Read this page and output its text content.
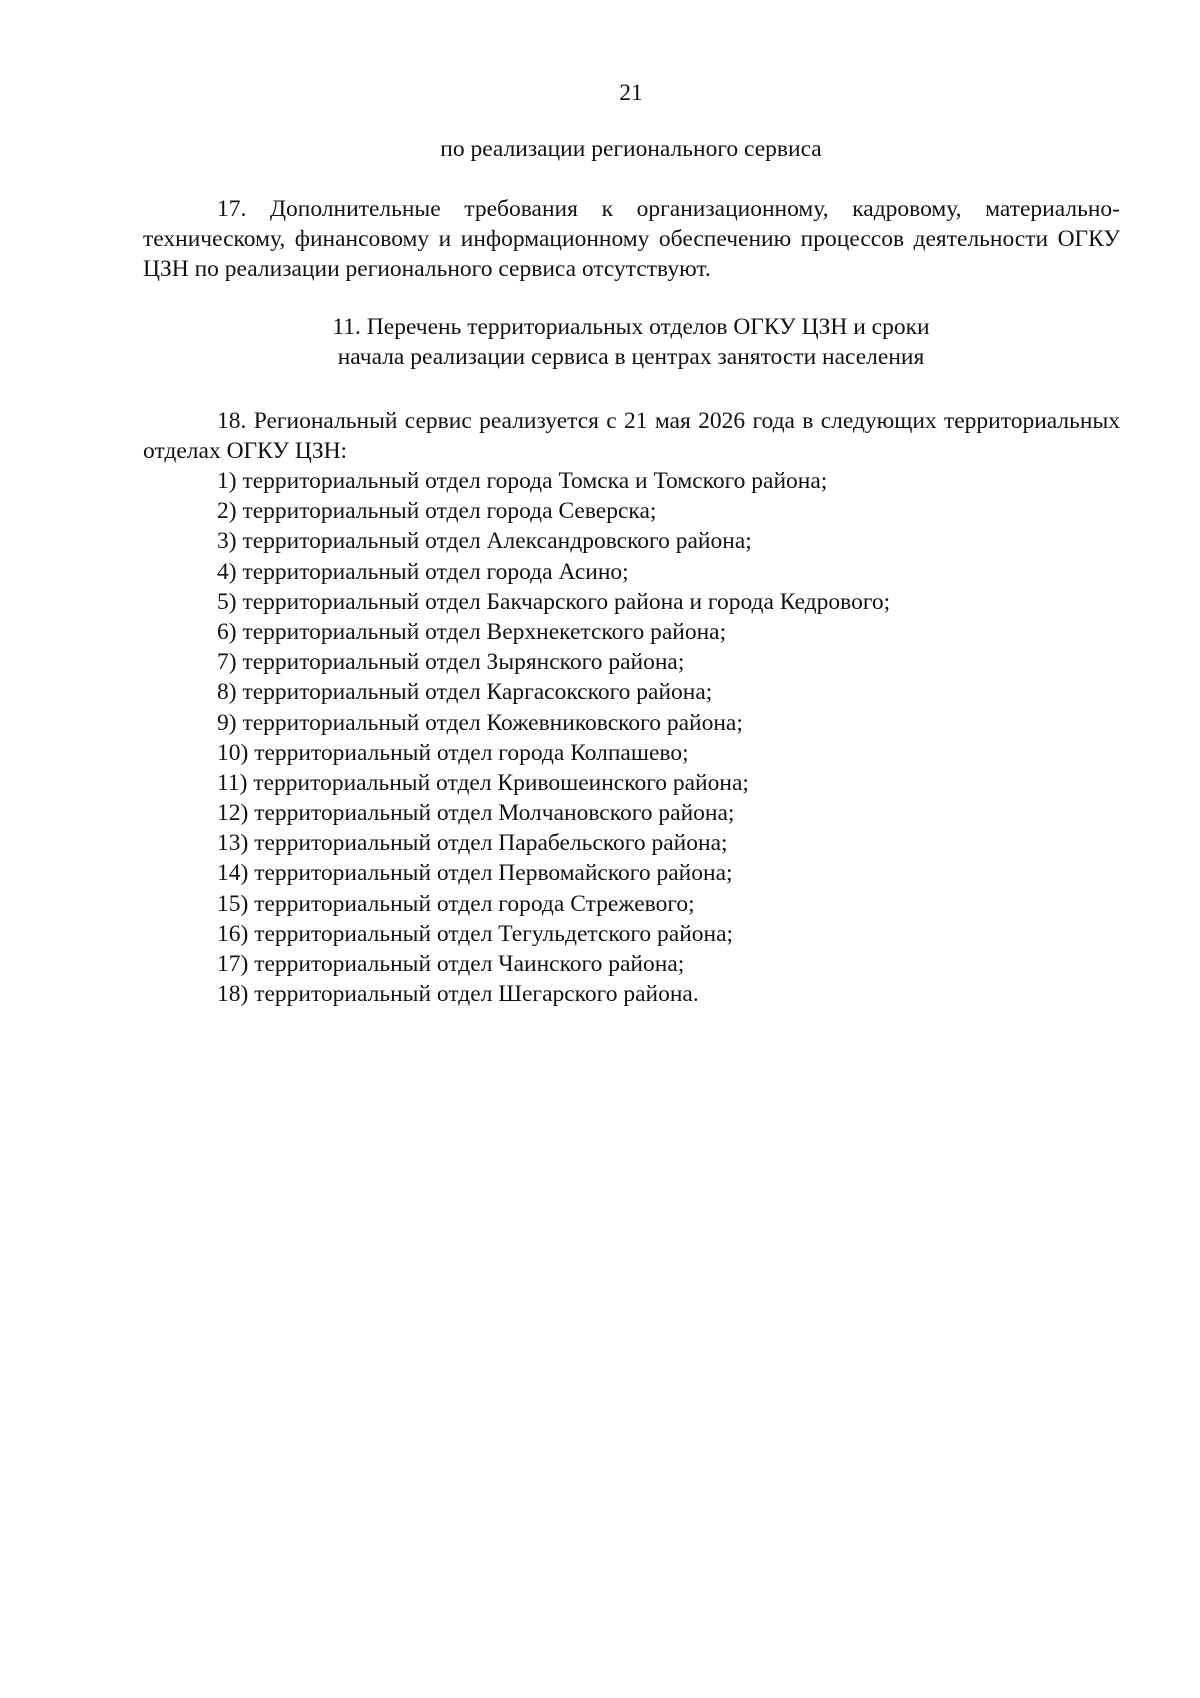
21

по реализации регионального сервиса

17. Дополнительные требования к организационному, кадровому, материально-техническому, финансовому и информационному обеспечению процессов деятельности ОГКУ ЦЗН по реализации регионального сервиса отсутствуют.

11. Перечень территориальных отделов ОГКУ ЦЗН и сроки
начала реализации сервиса в центрах занятости населения

18. Региональный сервис реализуется с 21 мая 2026 года в следующих территориальных отделах ОГКУ ЦЗН:

1) территориальный отдел города Томска и Томского района;
2) территориальный отдел города Северска;
3) территориальный отдел Александровского района;
4) территориальный отдел города Асино;
5) территориальный отдел Бакчарского района и города Кедрового;
6) территориальный отдел Верхнекетского района;
7) территориальный отдел Зырянского района;
8) территориальный отдел Каргасокского района;
9) территориальный отдел Кожевниковского района;
10) территориальный отдел города Колпашево;
11) территориальный отдел Кривошеинского района;
12) территориальный отдел Молчановского района;
13) территориальный отдел Парабельского района;
14) территориальный отдел Первомайского района;
15) территориальный отдел города Стрежевого;
16) территориальный отдел Тегульдетского района;
17) территориальный отдел Чаинского района;
18) территориальный отдел Шегарского района.
